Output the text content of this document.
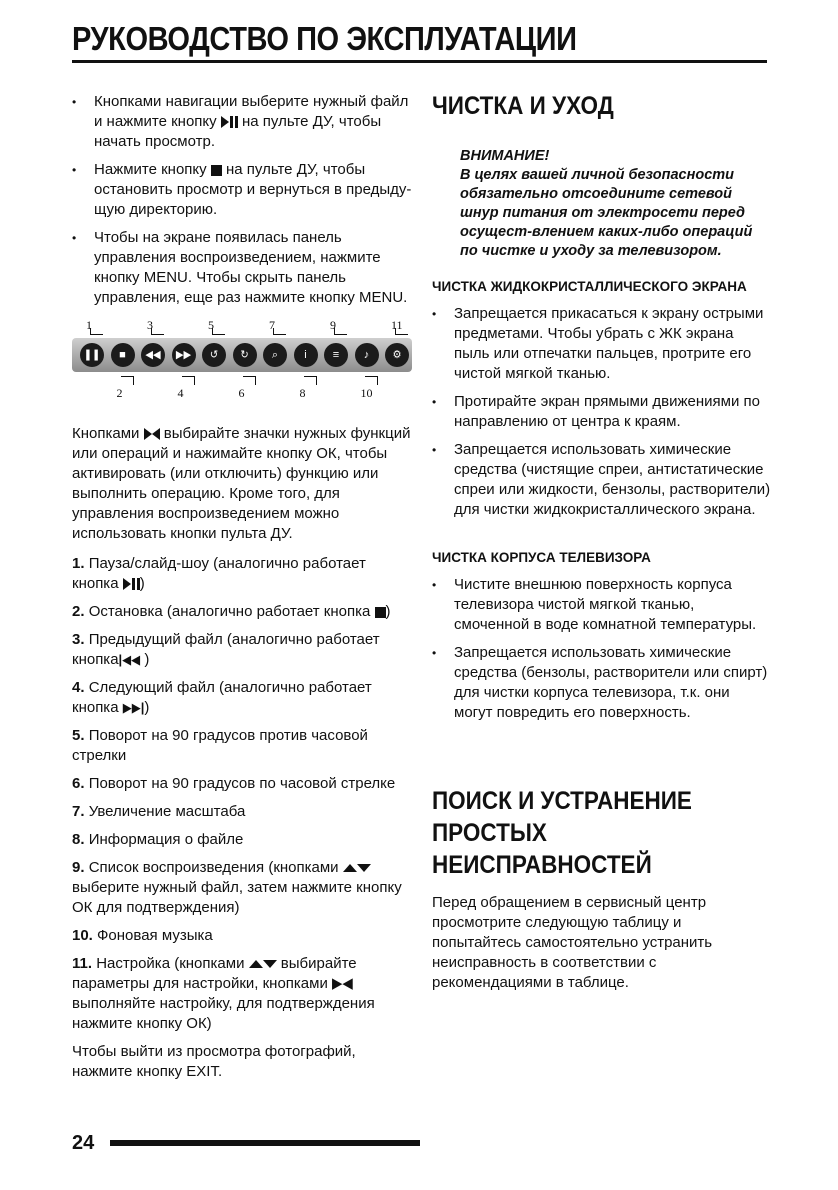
РУКОВОДСТВО ПО ЭКСПЛУАТАЦИИ
• Кнопками навигации выберите нужный файл и нажмите кнопку на пульте ДУ, чтобы начать просмотр.
• Нажмите кнопку на пульте ДУ, чтобы остановить просмотр и вернуться в предыду-щую директорию.
• Чтобы на экране появилась панель управления воспроизведением, нажмите кнопку MENU. Чтобы скрыть панель управления, еще раз нажмите кнопку MENU.
❚❚
1
■
2
◀◀
3
▶▶
4
↺
5
↻
6
⌕
7
i
8
≡
9
♪
10
⚙
11
Кнопками выбирайте значки нужных функций или операций и нажимайте кнопку ОК, чтобы активировать (или отключить) функцию или выполнить операцию. Кроме того, для управления воспроизведением можно использовать кнопки пульта ДУ.
1. Пауза/слайд-шоу (аналогично работает кнопка )
2. Остановка (аналогично работает кнопка )
3. Предыдущий файл (аналогично работает кнопка|◀◀ )
4. Следующий файл (аналогично работает кнопка ▶▶|)
5. Поворот на 90 градусов против часовой стрелки
6. Поворот на 90 градусов по часовой стрелке
7. Увеличение масштаба
8. Информация о файле
9. Список воспроизведения (кнопками  выберите нужный файл, затем нажмите кнопку ОК для подтверждения)
10. Фоновая музыка
11. Настройка (кнопками выбирайте параметры для настройки, кнопками ▶◀ выполняйте настройку, для подтверждения нажмите кнопку ОК)
Чтобы выйти из просмотра фотографий, нажмите кнопку EXIT.
ЧИСТКА И УХОД
ВНИМАНИЕ!
В целях вашей личной безопасности обязательно отсоедините сетевой шнур питания от электросети перед осущест-влением каких-либо операций по чистке и уходу за телевизором.
ЧИСТКА ЖИДКОКРИСТАЛЛИЧЕСКОГО ЭКРАНА
• Запрещается прикасаться к экрану острыми предметами. Чтобы убрать с ЖК экрана пыль или отпечатки пальцев, протрите его чистой мягкой тканью.
• Протирайте экран прямыми движениями по направлению от центра к краям.
• Запрещается использовать химические средства (чистящие спреи, антистатические спреи или жидкости, бензолы, растворители) для чистки жидкокристаллического экрана.
ЧИСТКА КОРПУСА ТЕЛЕВИЗОРА
• Чистите внешнюю поверхность корпуса телевизора чистой мягкой тканью, смоченной в воде комнатной температуры.
• Запрещается использовать химические средства (бензолы, растворители или спирт) для чистки корпуса телевизора, т.к. они могут повредить его поверхность.
ПОИСК И УСТРАНЕНИЕ ПРОСТЫХ НЕИСПРАВНОСТЕЙ
Перед обращением в сервисный центр просмотрите следующую таблицу и попытайтесь самостоятельно устранить неисправность в соответствии с рекомендациями в таблице.
24
